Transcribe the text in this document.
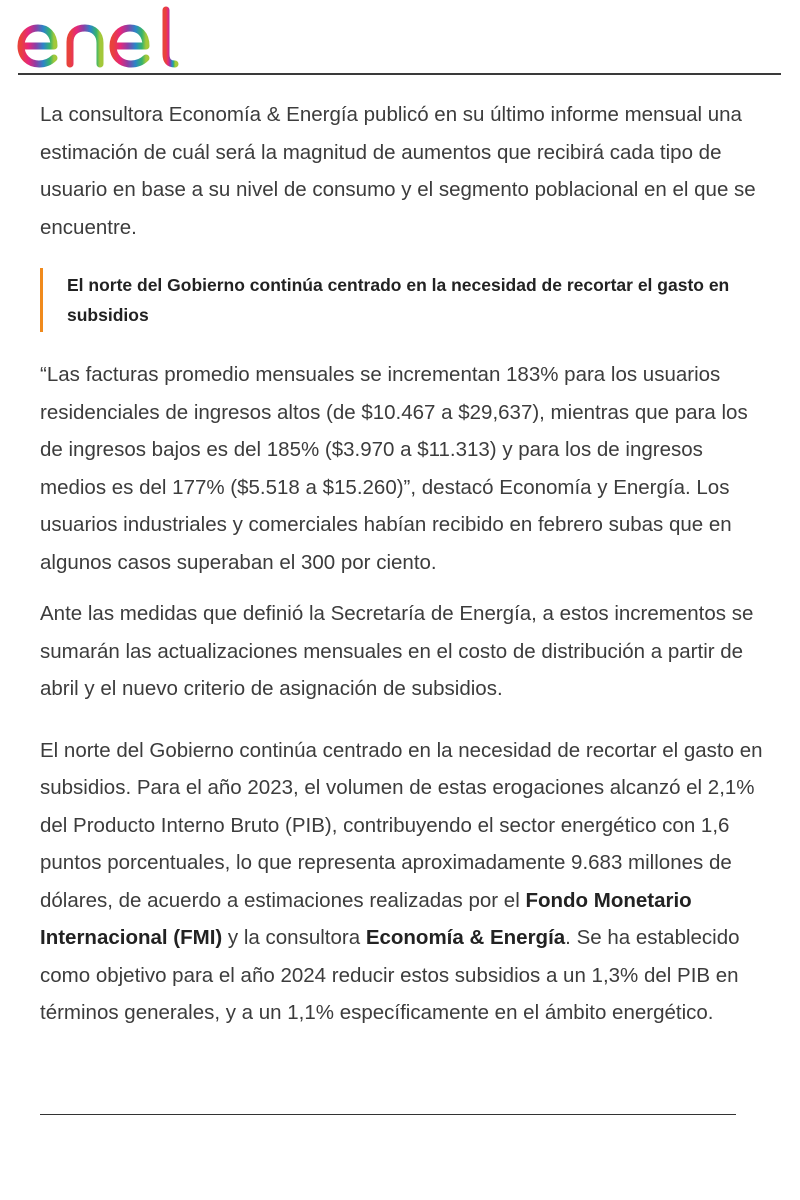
La consultora Economía & Energía publicó en su último informe mensual una estimación de cuál será la magnitud de aumentos que recibirá cada tipo de usuario en base a su nivel de consumo y el segmento poblacional en el que se encuentre.

El norte del Gobierno continúa centrado en la necesidad de recortar el gasto en subsidios

“Las facturas promedio mensuales se incrementan 183% para los usuarios residenciales de ingresos altos (de $10.467 a $29,637), mientras que para los de ingresos bajos es del 185% ($3.970 a $11.313) y para los de ingresos medios es del 177% ($5.518 a $15.260)”, destacó Economía y Energía. Los usuarios industriales y comerciales habían recibido en febrero subas que en algunos casos superaban el 300 por ciento.

Ante las medidas que definió la Secretaría de Energía, a estos incrementos se sumarán las actualizaciones mensuales en el costo de distribución a partir de abril y el nuevo criterio de asignación de subsidios.

El norte del Gobierno continúa centrado en la necesidad de recortar el gasto en subsidios. Para el año 2023, el volumen de estas erogaciones alcanzó el 2,1% del Producto Interno Bruto (PIB), contribuyendo el sector energético con 1,6 puntos porcentuales, lo que representa aproximadamente 9.683 millones de dólares, de acuerdo a estimaciones realizadas por el Fondo Monetario Internacional (FMI) y la consultora Economía & Energía. Se ha establecido como objetivo para el año 2024 reducir estos subsidios a un 1,3% del PIB en términos generales, y a un 1,1% específicamente en el ámbito energético.
